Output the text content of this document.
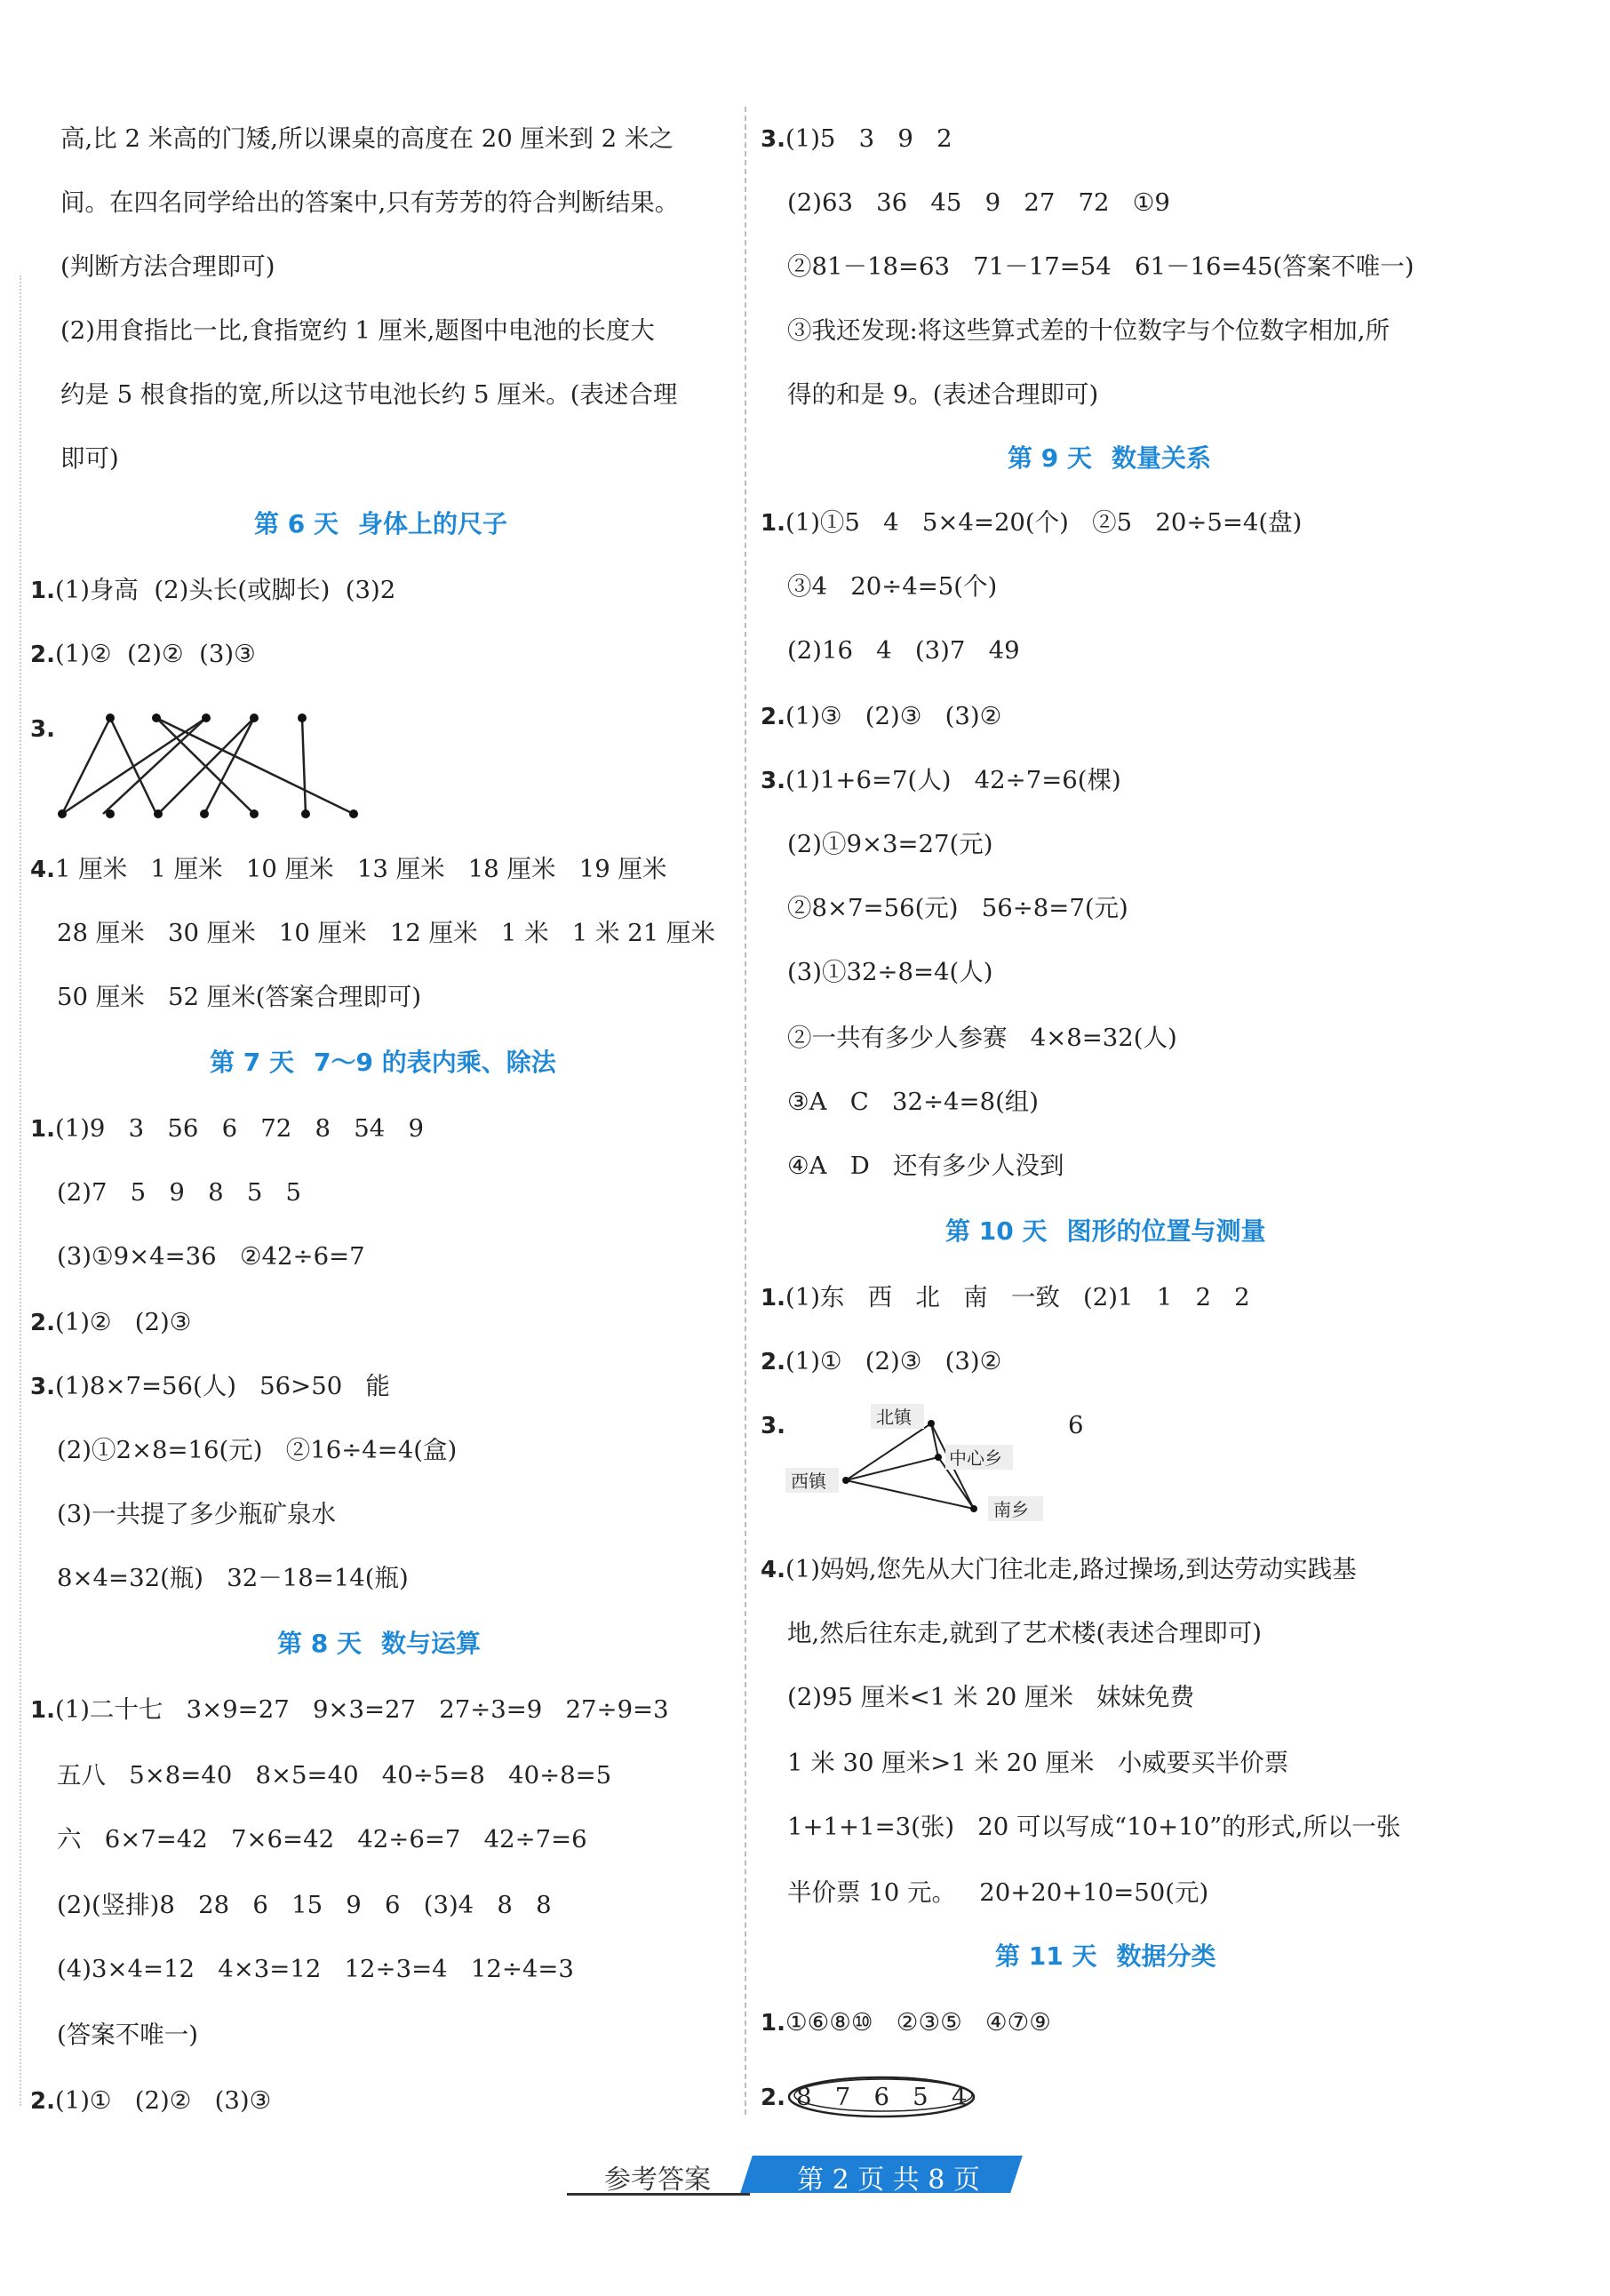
高,比 2 米高的门矮,所以课桌的高度在 20 厘米到 2 米之
间。在四名同学给出的答案中,只有芳芳的符合判断结果。
(判断方法合理即可)
(2)用食指比一比,食指宽约 1 厘米,题图中电池的长度大
约是 5 根食指的宽,所以这节电池长约 5 厘米。(表述合理
即可)
第 6 天 身体上的尺子
1.(1)身高  (2)头长(或脚长)  (3)2
2.(1)②  (2)②  (3)③
3.
4.1 厘米   1 厘米   10 厘米   13 厘米   18 厘米   19 厘米
28 厘米   30 厘米   10 厘米   12 厘米   1 米   1 米 21 厘米
50 厘米   52 厘米(答案合理即可)
第 7 天 7～9 的表内乘、除法
1.(1)9   3   56   6   72   8   54   9
(2)7   5   9   8   5   5
(3)①9×4=36   ②42÷6=7
2.(1)②   (2)③
3.(1)8×7=56(人)   56>50   能
(2)①2×8=16(元)   ②16÷4=4(盒)
(3)一共提了多少瓶矿泉水
8×4=32(瓶)   32－18=14(瓶)
第 8 天 数与运算
1.(1)二十七   3×9=27   9×3=27   27÷3=9   27÷9=3
五八   5×8=40   8×5=40   40÷5=8   40÷8=5
六   6×7=42   7×6=42   42÷6=7   42÷7=6
(2)(竖排)8   28   6   15   9   6   (3)4   8   8
(4)3×4=12   4×3=12   12÷3=4   12÷4=3
(答案不唯一)
2.(1)①   (2)②   (3)③
3.(1)5   3   9   2
(2)63   36   45   9   27   72   ①9
②81－18=63   71－17=54   61－16=45(答案不唯一)
③我还发现:将这些算式差的十位数字与个位数字相加,所
得的和是 9。(表述合理即可)
第 9 天 数量关系
1.(1)①5   4   5×4=20(个)   ②5   20÷5=4(盘)
③4   20÷4=5(个)
(2)16   4   (3)7   49
2.(1)③   (2)③   (3)②
3.(1)1+6=7(人)   42÷7=6(棵)
(2)①9×3=27(元)
②8×7=56(元)   56÷8=7(元)
(3)①32÷8=4(人)
②一共有多少人参赛   4×8=32(人)
③A   C   32÷4=8(组)
④A   D   还有多少人没到
第 10 天 图形的位置与测量
1.(1)东   西   北   南   一致   (2)1   1   2   2
2.(1)①   (2)③   (3)②
3.	6
北镇
西镇
中心乡
南乡
4.(1)妈妈,您先从大门往北走,路过操场,到达劳动实践基
地,然后往东走,就到了艺术楼(表述合理即可)
(2)95 厘米<1 米 20 厘米   妹妹免费
1 米 30 厘米>1 米 20 厘米   小威要买半价票
1+1+1=3(张)   20 可以写成“10+10”的形式,所以一张
半价票 10 元。   20+20+10=50(元)
第 11 天 数据分类
1.①⑥⑧⑩   ②③⑤   ④⑦⑨
2. 8   7   6   5   4
参考答案	第 2 页 共 8 页
